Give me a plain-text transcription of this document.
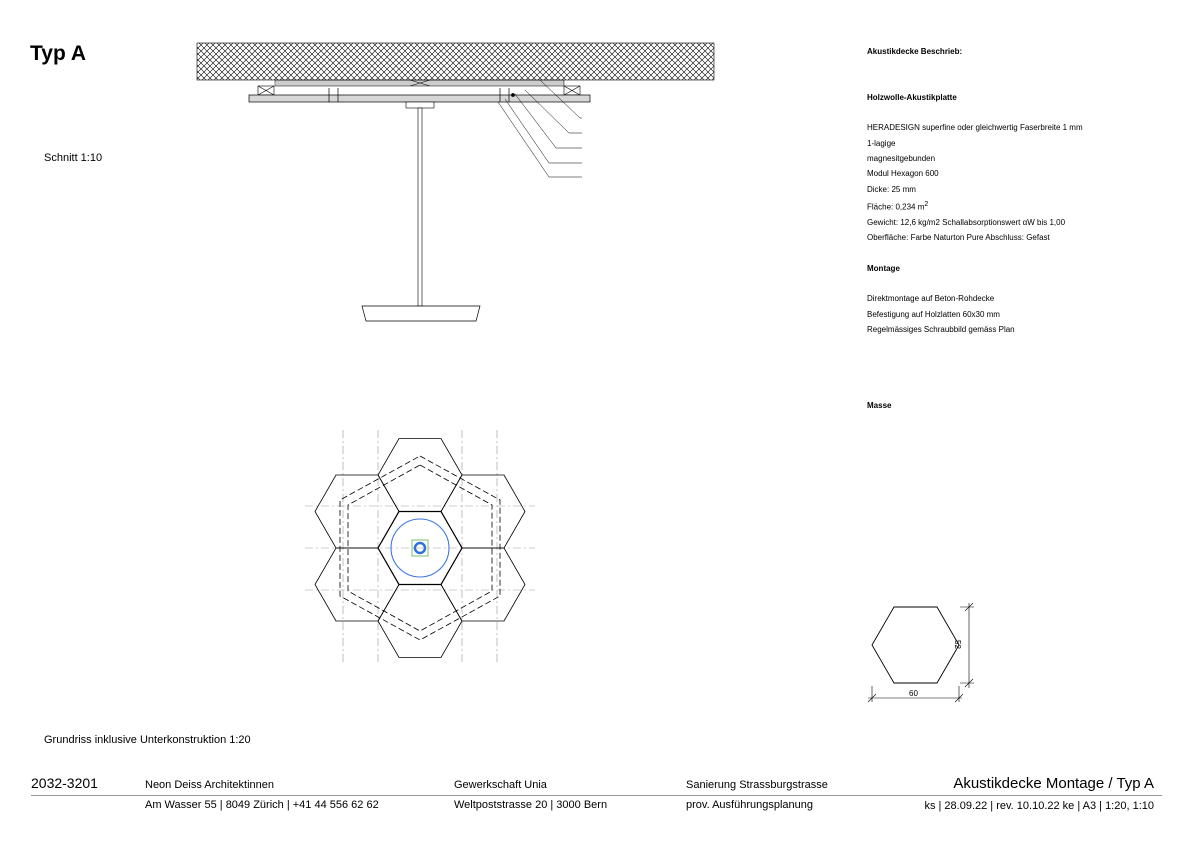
Typ A
Schnitt 1:10
Grundriss inklusive Unterkonstruktion 1:20
Akustikdecke Beschrieb:
Holzwolle-Akustikplatte
HERADESIGN superfine oder gleichwertig Faserbreite 1 mm
1-lagige
magnesitgebunden
Modul Hexagon 600
Dicke: 25 mm
Fläche: 0,234 $m^2$
Gewicht: 12,6 kg/m2 Schallabsorptionswert αW bis 1,00
Oberfläche: Farbe Naturton Pure Abschluss: Gefast
Montage
Direktmontage auf Beton-Rohdecke
Befestigung auf Holzlatten 60x30 mm
Regelmässiges Schraubbild gemäss Plan
Masse
60
52
2032-3201	Neon Deiss Architektinnen
Am Wasser 55 | 8049 Zürich | +41 44 556 62 62
Gewerkschaft Unia
Weltpoststrasse 20 | 3000 Bern
Sanierung Strassburgstrasse
prov. Ausführungsplanung
Akustikdecke Montage / Typ A
ks | 28.09.22 | rev. 10.10.22 ke | A3 | 1:20, 1:10
